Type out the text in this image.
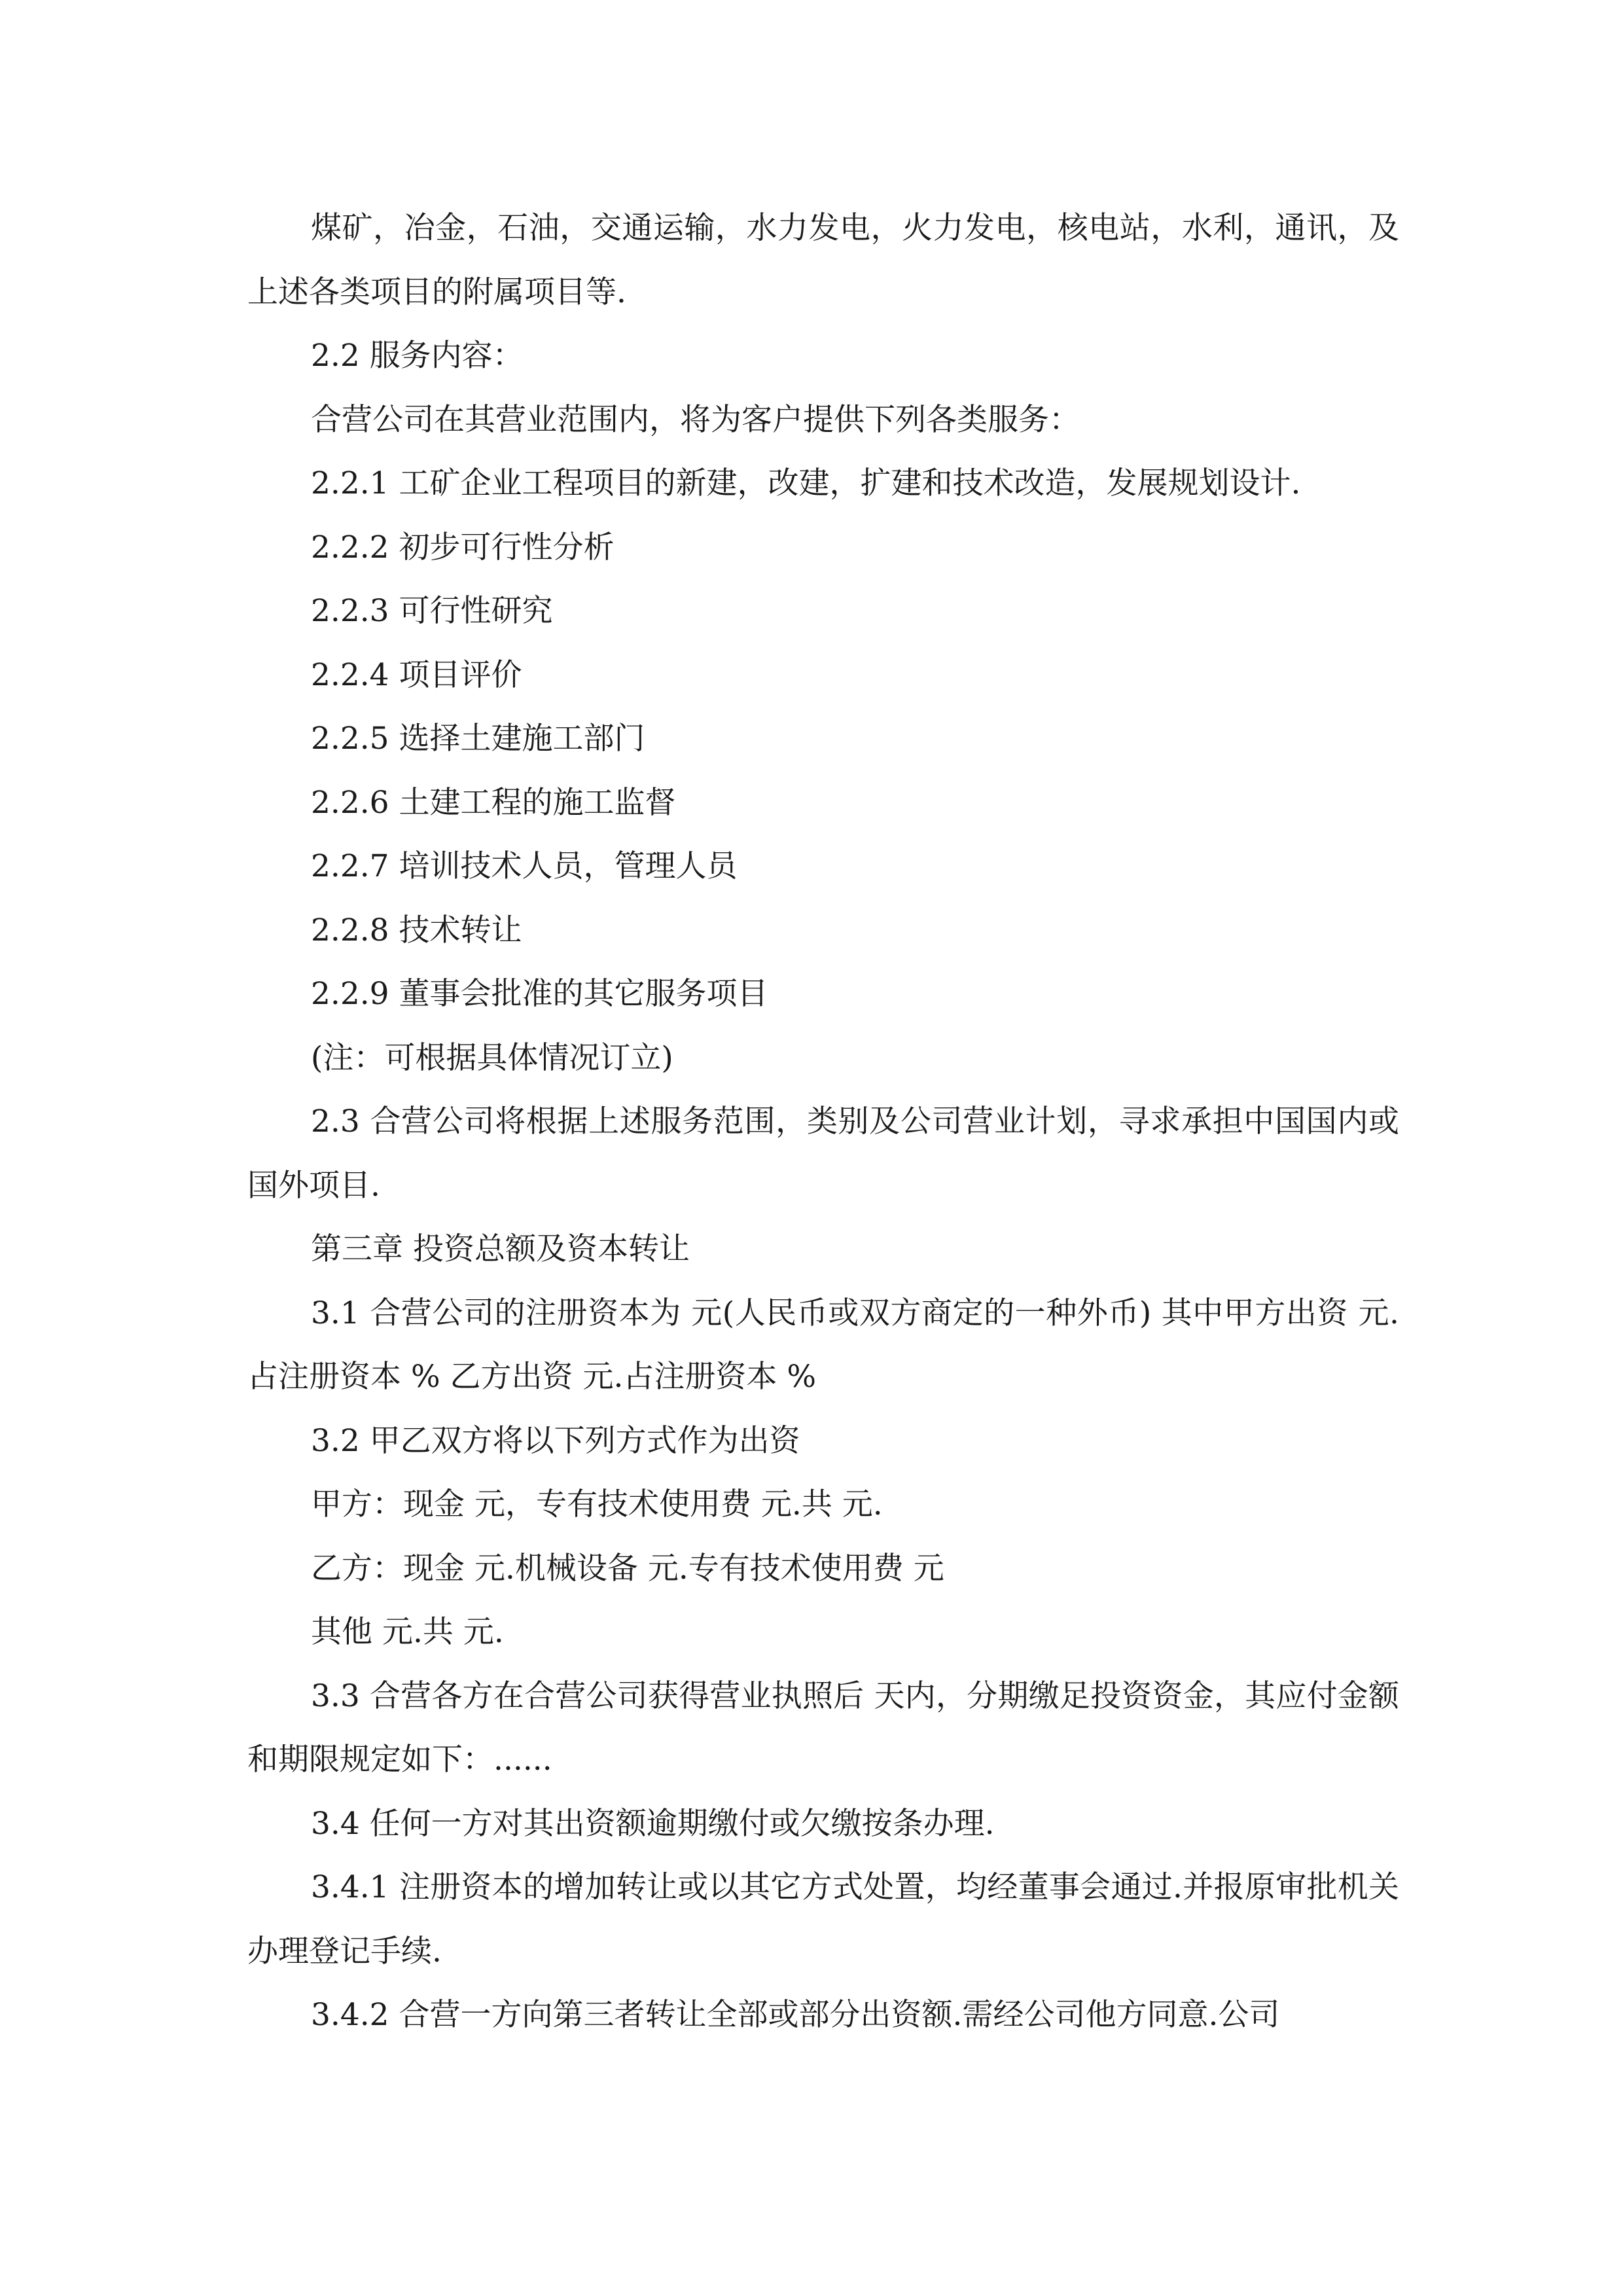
煤矿，冶金，石油，交通运输，水力发电，火力发电，核电站，水利，通讯，及上述各类项目的附属项目等.

2.2 服务内容：

合营公司在其营业范围内，将为客户提供下列各类服务：

2.2.1 工矿企业工程项目的新建，改建，扩建和技术改造，发展规划设计.

2.2.2 初步可行性分析

2.2.3 可行性研究

2.2.4 项目评价

2.2.5 选择土建施工部门

2.2.6 土建工程的施工监督

2.2.7 培训技术人员，管理人员

2.2.8 技术转让

2.2.9 董事会批准的其它服务项目

(注：可根据具体情况订立)

2.3 合营公司将根据上述服务范围，类别及公司营业计划，寻求承担中国国内或国外项目.

第三章 投资总额及资本转让

3.1 合营公司的注册资本为 元(人民币或双方商定的一种外币) 其中甲方出资 元.占注册资本 % 乙方出资 元.占注册资本 %

3.2 甲乙双方将以下列方式作为出资

甲方：现金 元，专有技术使用费 元.共 元.

乙方：现金 元.机械设备 元.专有技术使用费 元

其他 元.共 元.

3.3 合营各方在合营公司获得营业执照后 天内，分期缴足投资资金，其应付金额和期限规定如下：......

3.4 任何一方对其出资额逾期缴付或欠缴按条办理.

3.4.1 注册资本的增加转让或以其它方式处置，均经董事会通过.并报原审批机关办理登记手续.

3.4.2 合营一方向第三者转让全部或部分出资额.需经公司他方同意.公司
